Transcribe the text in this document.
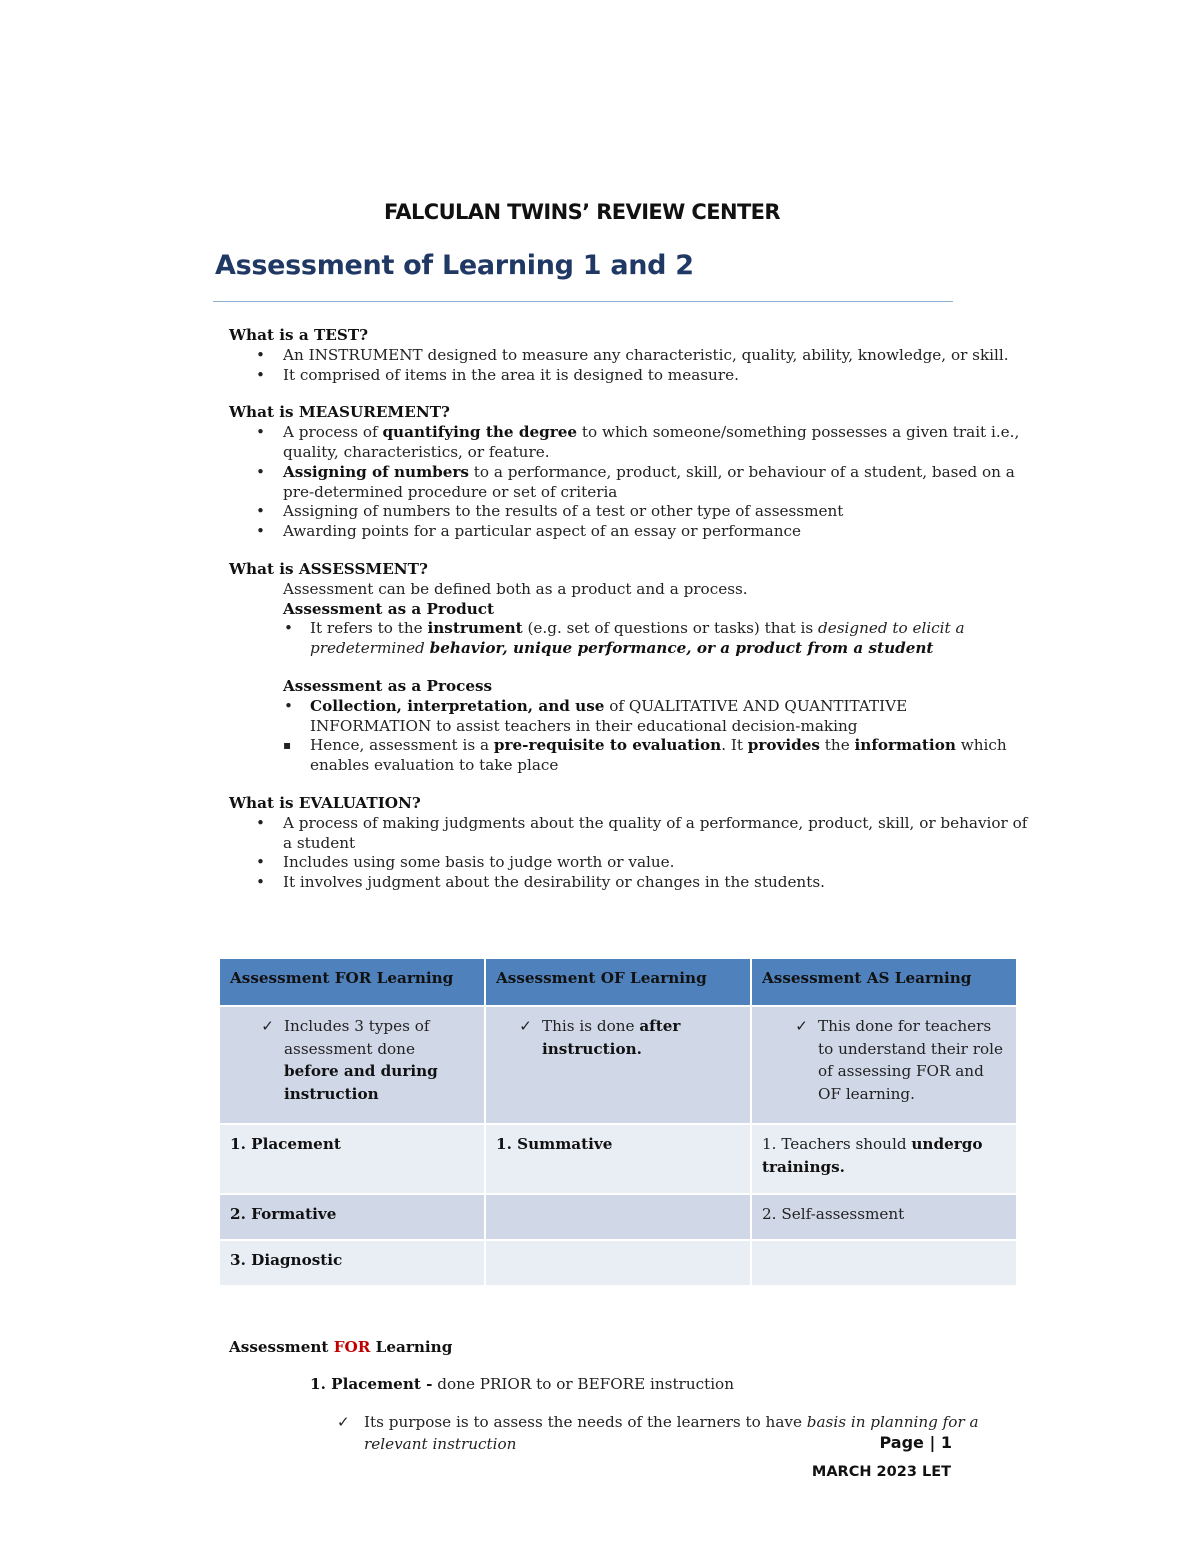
FALCULAN TWINS’ REVIEW CENTER
Assessment of Learning 1 and 2

What is a TEST?

• An INSTRUMENT designed to measure any characteristic, quality, ability, knowledge, or skill.
• It comprised of items in the area it is designed to measure.

What is MEASUREMENT?

• A process of quantifying the degree to which someone/something possesses a given trait i.e., quality, characteristics, or feature.
• Assigning of numbers to a performance, product, skill, or behaviour of a student, based on a pre-determined procedure or set of criteria
• Assigning of numbers to the results of a test or other type of assessment
• Awarding points for a particular aspect of an essay or performance

What is ASSESSMENT?

Assessment can be defined both as a product and a process.

Assessment as a Product

• It refers to the instrument (e.g. set of questions or tasks) that is designed to elicit a predetermined behavior, unique performance, or a product from a student

Assessment as a Process

• Collection, interpretation, and use of QUALITATIVE AND QUANTITATIVE INFORMATION to assist teachers in their educational decision-making
▪ Hence, assessment is a pre-requisite to evaluation. It provides the information which enables evaluation to take place

What is EVALUATION?

• A process of making judgments about the quality of a performance, product, skill, or behavior of a student
• Includes using some basis to judge worth or value.
• It involves judgment about the desirability or changes in the students.
Assessment FOR Learning	Assessment OF Learning	Assessment AS Learning

✓ Includes 3 types of assessment done before and during instruction	✓ This is done after instruction.	✓ This done for teachers to understand their role of assessing FOR and OF learning.

1. Placement	1. Summative	1. Teachers should undergo trainings.
2. Formative		2. Self-assessment
3. Diagnostic		

Assessment FOR Learning

1. Placement - done PRIOR to or BEFORE instruction

✓ Its purpose is to assess the needs of the learners to have basis in planning for a relevant instruction	Page | 1
MARCH 2023 LET
